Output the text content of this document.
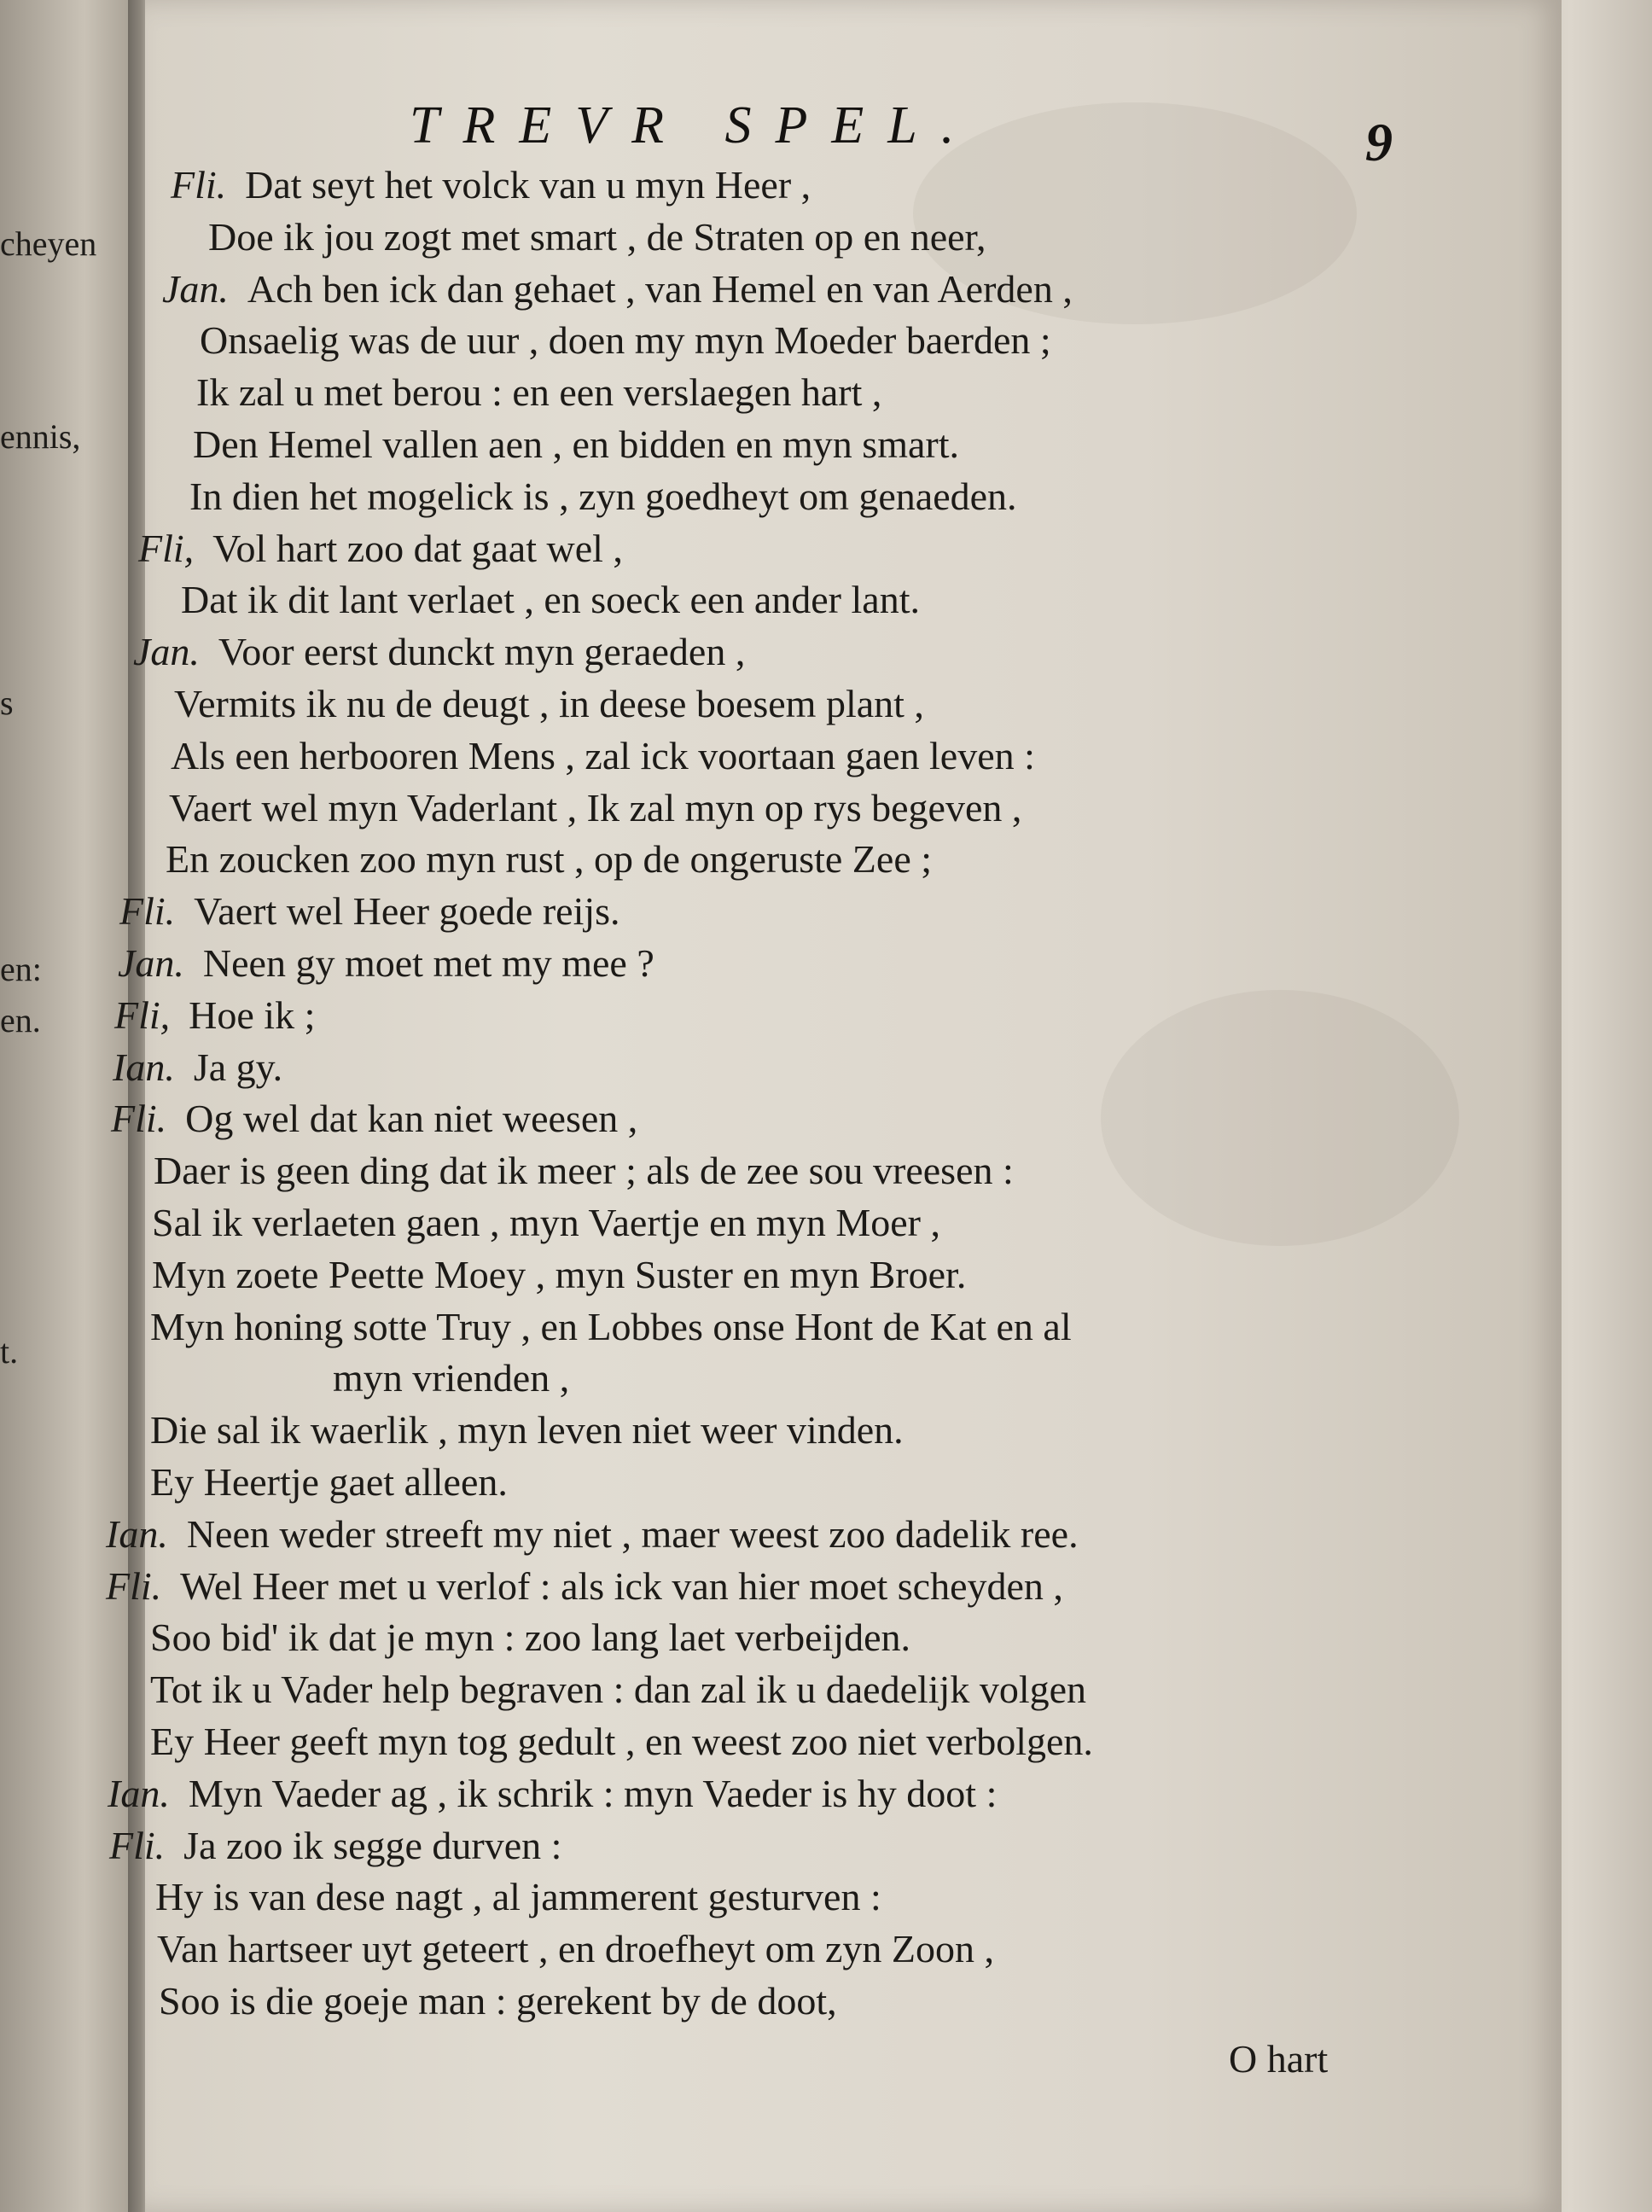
cheyen
ennis,
s
en:
en.
t.
TREVR SPEL.	9
Fli. Dat seyt het volck van u myn Heer ,
Doe ik jou zogt met smart , de Straten op en neer,
Jan. Ach ben ick dan gehaet , van Hemel en van Aerden ,
Onsaelig was de uur , doen my myn Moeder baerden ;
Ik zal u met berou : en een verslaegen hart ,
Den Hemel vallen aen , en bidden en myn smart.
In dien het mogelick is , zyn goedheyt om genaeden.
Fli, Vol hart zoo dat gaat wel ,
Dat ik dit lant verlaet , en soeck een ander lant.
Jan. Voor eerst dunckt myn geraeden ,
Vermits ik nu de deugt , in deese boesem plant ,
Als een herbooren Mens , zal ick voortaan gaen leven :
Vaert wel myn Vaderlant , Ik zal myn op rys begeven ,
En zoucken zoo myn rust , op de ongeruste Zee ;
Fli. Vaert wel Heer goede reijs.
Jan. Neen gy moet met my mee ?
Fli, Hoe ik ;
Ian. Ja gy.
Fli. Og wel dat kan niet weesen ,
Daer is geen ding dat ik meer ; als de zee sou vreesen :
Sal ik verlaeten gaen , myn Vaertje en myn Moer ,
Myn zoete Peette Moey , myn Suster en myn Broer.
Myn honing sotte Truy , en Lobbes onse Hont de Kat en al
myn vrienden ,
Die sal ik waerlik , myn leven niet weer vinden.
Ey Heertje gaet alleen.
Ian. Neen weder streeft my niet , maer weest zoo dadelik ree.
Fli. Wel Heer met u verlof : als ick van hier moet scheyden ,
Soo bid' ik dat je myn : zoo lang laet verbeijden.
Tot ik u Vader help begraven : dan zal ik u daedelijk volgen
Ey Heer geeft myn tog gedult , en weest zoo niet verbolgen.
Ian. Myn Vaeder ag , ik schrik : myn Vaeder is hy doot :
Fli. Ja zoo ik segge durven :
Hy is van dese nagt , al jammerent gesturven :
Van hartseer uyt geteert , en droefheyt om zyn Zoon ,
Soo is die goeje man : gerekent by de doot,
O hart
